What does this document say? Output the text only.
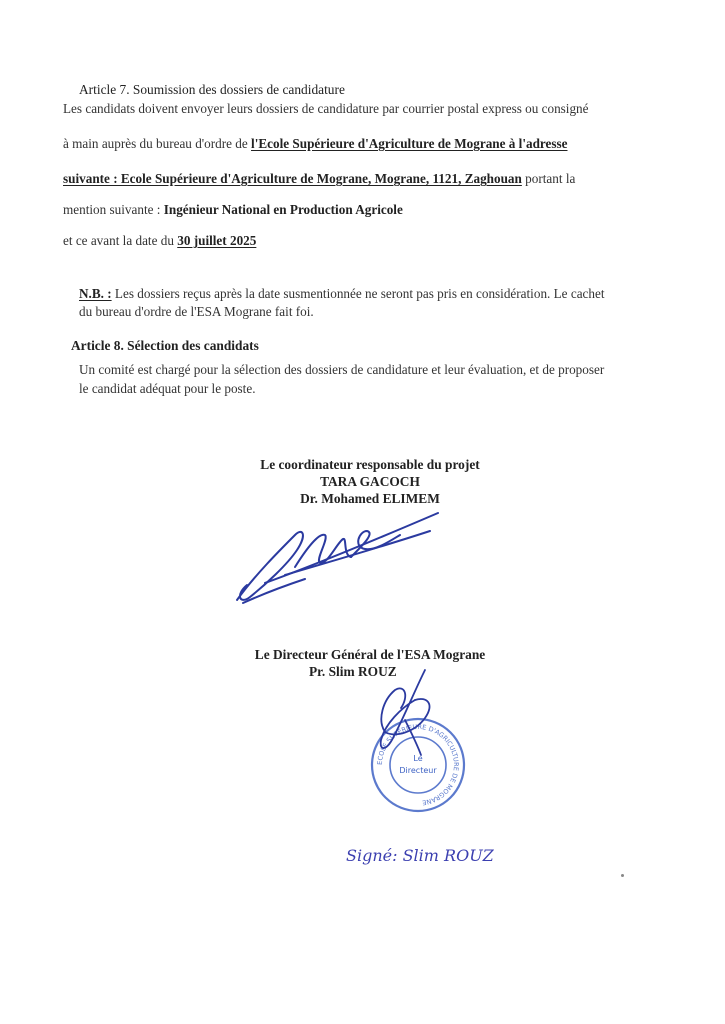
Article 7. Soumission des dossiers de candidature
Les candidats doivent envoyer leurs dossiers de candidature par courrier postal express ou consigné
à main auprès du bureau d'ordre de l'Ecole Supérieure d'Agriculture de Mograne à l'adresse
suivante : Ecole Supérieure d'Agriculture de Mograne, Mograne, 1121, Zaghouan portant la
mention suivante : Ingénieur National en Production Agricole
et ce avant la date du 30 juillet 2025
N.B. : Les dossiers reçus après la date susmentionnée ne seront pas pris en considération. Le cachet
du bureau d'ordre de l'ESA Mograne fait foi.
Article 8. Sélection des candidats
Un comité est chargé pour la sélection des dossiers de candidature et leur évaluation, et de proposer
le candidat adéquat pour le poste.
Le coordinateur responsable du projet
TARA GACOCH
Dr. Mohamed ELIMEM
Le Directeur Général de l'ESA Mograne
Pr. Slim ROUZ
ECOLE SUPERIEURE D'AGRICULTURE DE MOGRANE
Le
Directeur
Signé: Slim ROUZ
